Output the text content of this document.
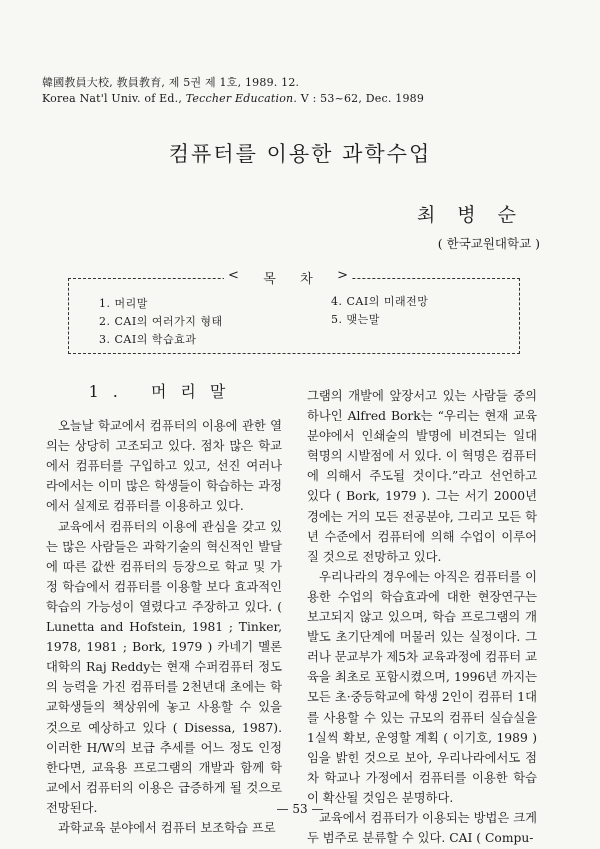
韓國教員大校, 教員教育, 제 5권 제 1호, 1989. 12.
Korea Nat'l Univ. of Ed., Teccher Education. V : 53~62, Dec. 1989
컴퓨터를 이용한 과학수업
최병순
( 한국교원대학교 )
< 목 차 >
1. 머리말
2. CAI의 여러가지 형태
3. CAI의 학습효과
4. CAI의 미래전망
5. 맺는말

1. 머리말

오늘날 학교에서 컴퓨터의 이용에 관한 열의는 상당히 고조되고 있다. 점차 많은 학교에서 컴퓨터를 구입하고 있고, 선진 여러나라에서는 이미 많은 학생들이 학습하는 과정에서 실제로 컴퓨터를 이용하고 있다.

교육에서 컴퓨터의 이용에 관심을 갖고 있는 많은 사람들은 과학기술의 혁신적인 발달에 따른 값싼 컴퓨터의 등장으로 학교 및 가정 학습에서 컴퓨터를 이용할 보다 효과적인 학습의 가능성이 열렸다고 주장하고 있다. ( Lunetta and Hofstein, 1981 ; Tinker, 1978, 1981 ; Bork, 1979 ) 카네기 멜론대학의 Raj Reddy는 현재 수퍼컴퓨터 정도의 능력을 가진 컴퓨터를 2천년대 초에는 학교학생들의 책상위에 놓고 사용할 수 있을 것으로 예상하고 있다 ( Disessa, 1987). 이러한 H/W의 보급 추세를 어느 정도 인정한다면, 교육용 프로그램의 개발과 함께 학교에서 컴퓨터의 이용은 급증하게 될 것으로 전망된다.

과학교육 분야에서 컴퓨터 보조학습 프로

그램의 개발에 앞장서고 있는 사람들 중의 하나인 Alfred Bork는 “우리는 현재 교육분야에서 인쇄술의 발명에 비견되는 일대 혁명의 시발점에 서 있다. 이 혁명은 컴퓨터에 의해서 주도될 것이다.”라고 선언하고 있다 ( Bork, 1979 ). 그는 서기 2000년 경에는 거의 모든 전공분야, 그리고 모든 학년 수준에서 컴퓨터에 의해 수업이 이루어질 것으로 전망하고 있다.

우리나라의 경우에는 아직은 컴퓨터를 이용한 수업의 학습효과에 대한 현장연구는 보고되지 않고 있으며, 학습 프로그램의 개발도 초기단계에 머물러 있는 실정이다. 그러나 문교부가 제5차 교육과정에 컴퓨터 교육을 최초로 포함시켰으며, 1996년 까지는 모든 초·중등학교에 학생 2인이 컴퓨터 1대를 사용할 수 있는 규모의 컴퓨터 실습실을 1실씩 확보, 운영할 계획 ( 이기호, 1989 ) 임을 밝힌 것으로 보아, 우리나라에서도 점차 학교나 가정에서 컴퓨터를 이용한 학습이 확산될 것임은 분명하다.

교육에서 컴퓨터가 이용되는 방법은 크게 두 범주로 분류할 수 있다. CAI ( Compu-

— 53 —
